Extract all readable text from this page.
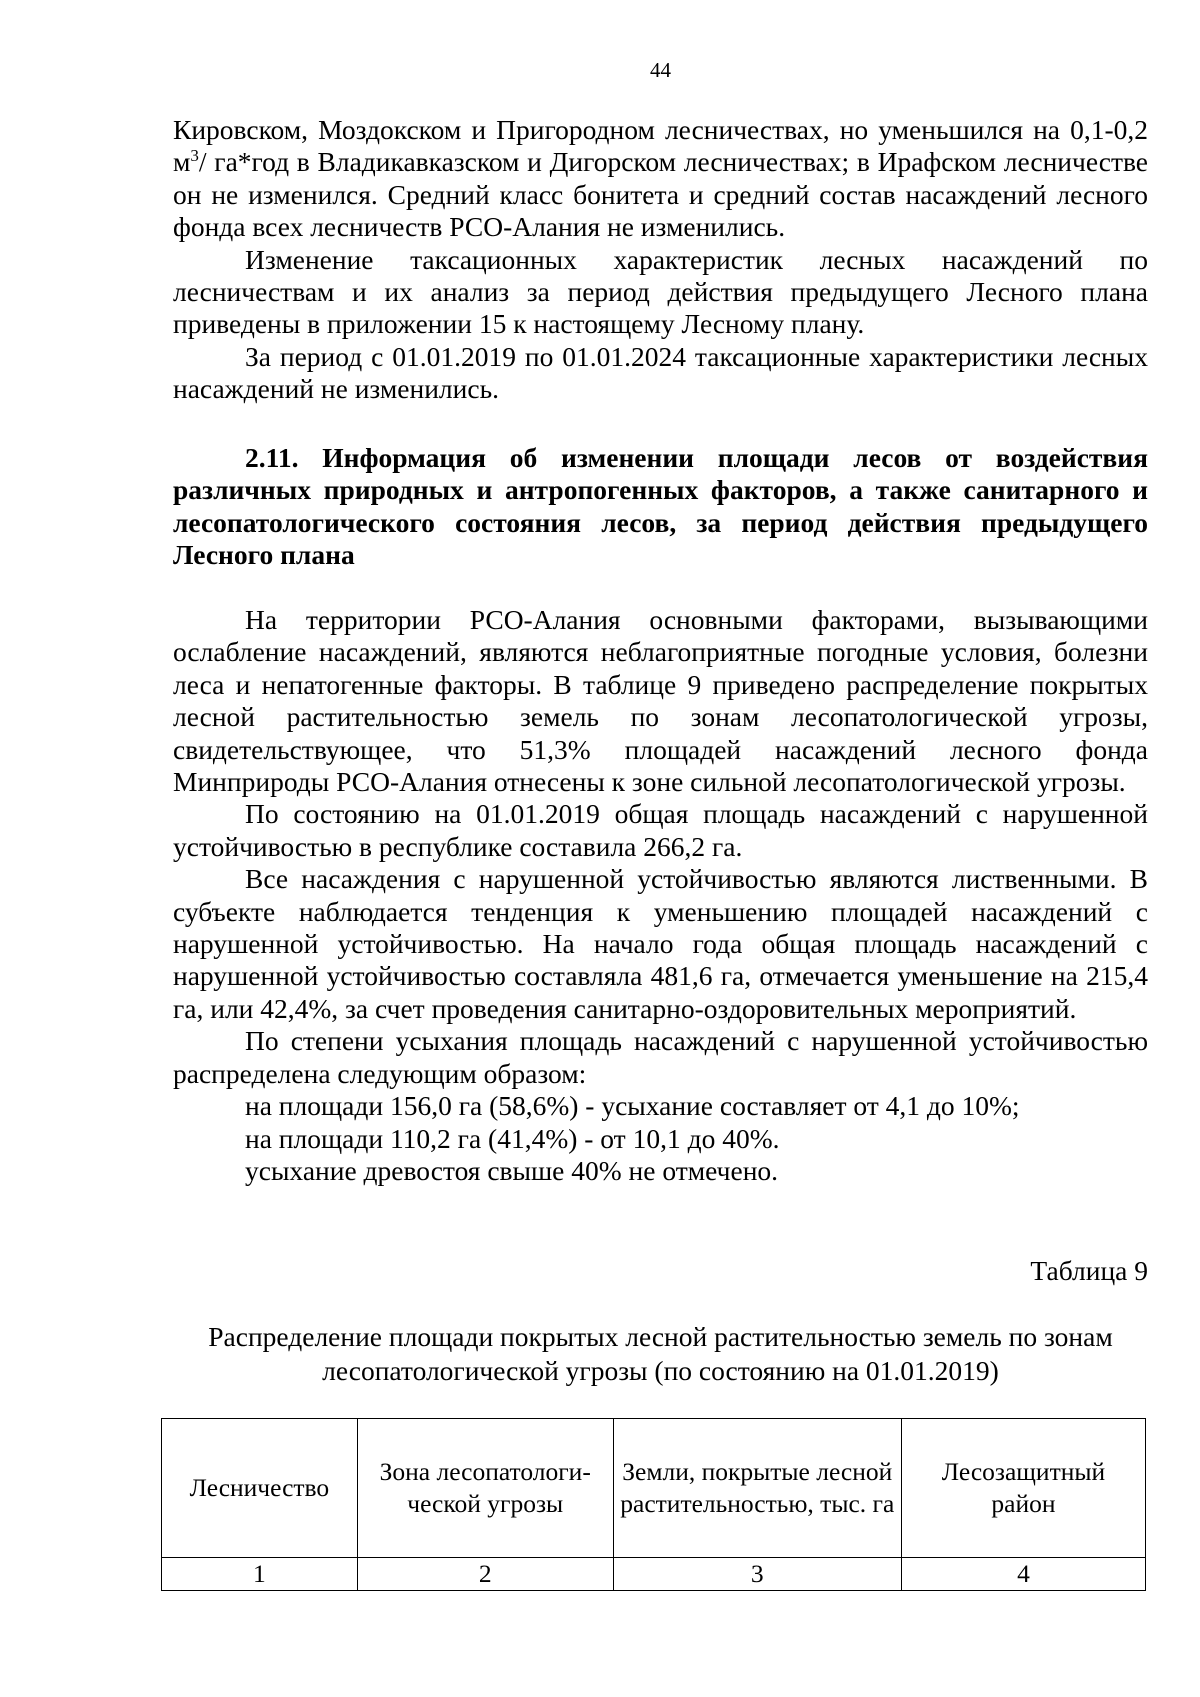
44

Кировском, Моздокском и Пригородном лесничествах, но уменьшился на 0,1-0,2 $м^3/$ га*год в Владикавказском и Дигорском лесничествах; в Ирафском лесничестве он не изменился. Средний класс бонитета и средний состав насаждений лесного фонда всех лесничеств РСО-Алания не изменились.

Изменение таксационных характеристик лесных насаждений по лесничествам и их анализ за период действия предыдущего Лесного плана приведены в приложении 15 к настоящему Лесному плану.

За период с 01.01.2019 по 01.01.2024 таксационные характеристики лесных насаждений не изменились.

2.11. Информация об изменении площади лесов от воздействия различных природных и антропогенных факторов, а также санитарного и лесопатологического состояния лесов, за период действия предыдущего Лесного плана

На территории РСО-Алания основными факторами, вызывающими ослабление насаждений, являются неблагоприятные погодные условия, болезни леса и непатогенные факторы. В таблице 9 приведено распределение покрытых лесной растительностью земель по зонам лесопатологической угрозы, свидетельствующее, что 51,3% площадей насаждений лесного фонда Минприроды РСО-Алания отнесены к зоне сильной лесопатологической угрозы.

По состоянию на 01.01.2019 общая площадь насаждений с нарушенной устойчивостью в республике составила 266,2 га.

Все насаждения с нарушенной устойчивостью являются лиственными. В субъекте наблюдается тенденция к уменьшению площадей насаждений с нарушенной устойчивостью. На начало года общая площадь насаждений с нарушенной устойчивостью составляла 481,6 га, отмечается уменьшение на 215,4 га, или 42,4%, за счет проведения санитарно-оздоровительных мероприятий.

По степени усыхания площадь насаждений с нарушенной устойчивостью распределена следующим образом:

на площади 156,0 га (58,6%) - усыхание составляет от 4,1 до 10%;

на площади 110,2 га (41,4%) - от 10,1 до 40%.

усыхание древостоя свыше 40% не отмечено.

Таблица 9
Распределение площади покрытых лесной растительностью земель по зонам лесопатологической угрозы (по состоянию на 01.01.2019)
Лесничество	Зона лесопатологи-ческой угрозы	Земли, покрытые лесной растительностью, тыс. га	Лесозащитный район
1	2	3	4
